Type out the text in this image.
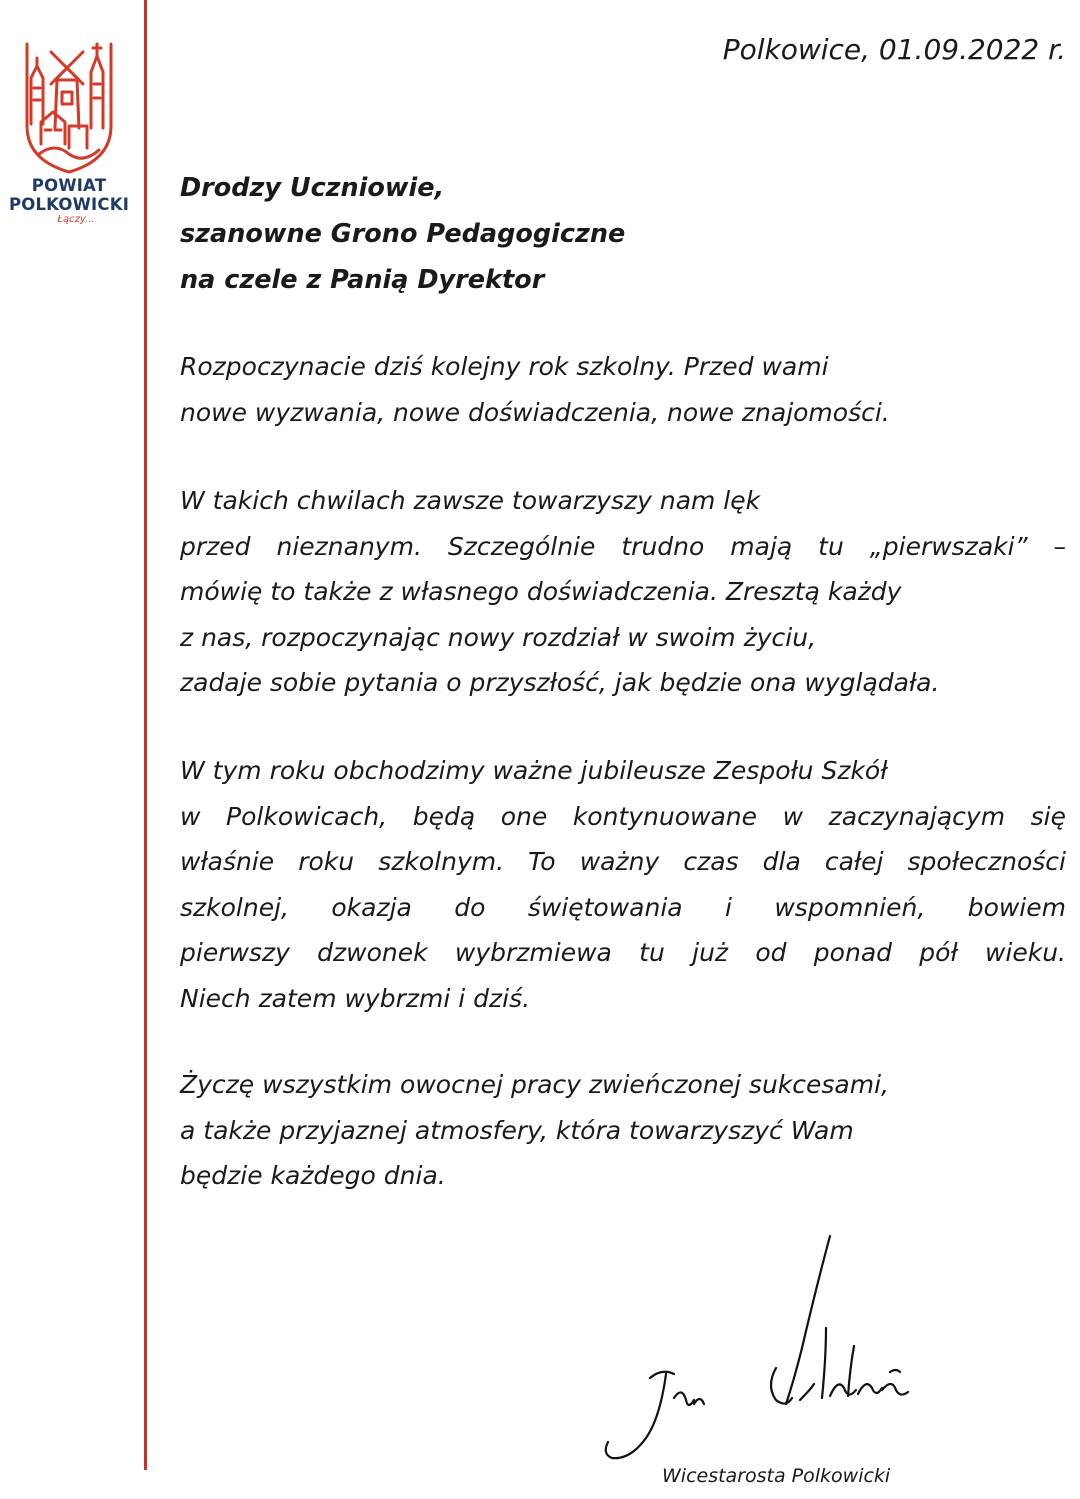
POWIAT
POLKOWICKI
Łączy...
Polkowice, 01.09.2022 r.
Drodzy Uczniowie,
szanowne Grono Pedagogiczne
na czele z Panią Dyrektor
Rozpoczynacie dziś kolejny rok szkolny. Przed wami
nowe wyzwania, nowe doświadczenia, nowe znajomości.
W takich chwilach zawsze towarzyszy nam lęk
przed nieznanym. Szczególnie trudno mają tu „pierwszaki” –
mówię to także z własnego doświadczenia. Zresztą każdy
z nas, rozpoczynając nowy rozdział w swoim życiu,
zadaje sobie pytania o przyszłość, jak będzie ona wyglądała.
W tym roku obchodzimy ważne jubileusze Zespołu Szkół
w Polkowicach, będą one kontynuowane w zaczynającym się
właśnie roku szkolnym. To ważny czas dla całej społeczności
szkolnej, okazja do świętowania i wspomnień, bowiem
pierwszy dzwonek wybrzmiewa tu już od ponad pół wieku.
Niech zatem wybrzmi i dziś.
Życzę wszystkim owocnej pracy zwieńczonej sukcesami,
a także przyjaznej atmosfery, która towarzyszyć Wam
będzie każdego dnia.
Wicestarosta Polkowicki
